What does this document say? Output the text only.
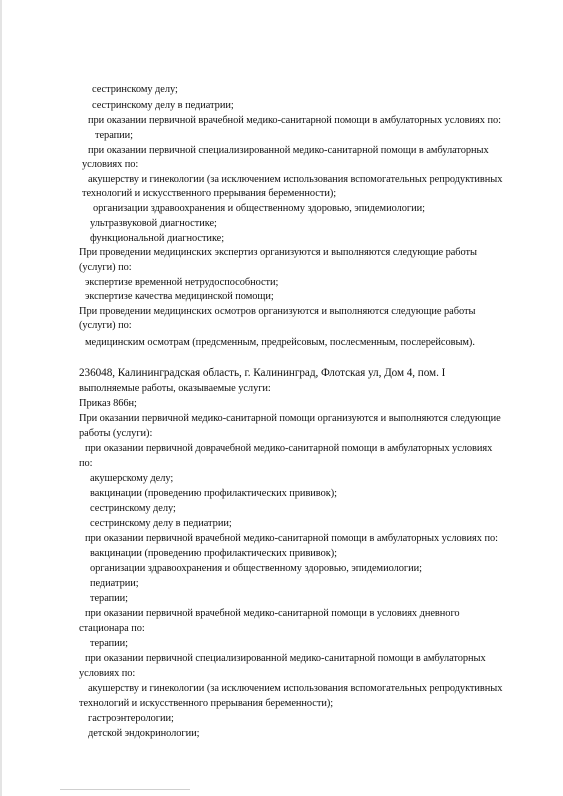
сестринскому делу;
сестринскому делу в педиатрии;
при оказании первичной врачебной медико-санитарной помощи в амбулаторных условиях по:
терапии;
при оказании первичной специализированной медико-санитарной помощи в амбулаторных
условиях по:
акушерству и гинекологии (за исключением использования вспомогательных репродуктивных
технологий и искусственного прерывания беременности);
организации здравоохранения и общественному здоровью, эпидемиологии;
ультразвуковой диагностике;
функциональной диагностике;
При проведении медицинских экспертиз организуются и выполняются следующие работы
(услуги) по:
экспертизе временной нетрудоспособности;
экспертизе качества медицинской помощи;
При проведении медицинских осмотров организуются и выполняются следующие работы
(услуги) по:
медицинским осмотрам (предсменным, предрейсовым, послесменным, послерейсовым).
236048, Калининградская область, г. Калининград, Флотская ул, Дом 4, пом. I
выполняемые работы, оказываемые услуги:
Приказ 866н;
При оказании первичной медико-санитарной помощи организуются и выполняются следующие
работы (услуги):
при оказании первичной доврачебной медико-санитарной помощи в амбулаторных условиях
по:
акушерскому делу;
вакцинации (проведению профилактических прививок);
сестринскому делу;
сестринскому делу в педиатрии;
при оказании первичной врачебной медико-санитарной помощи в амбулаторных условиях по:
вакцинации (проведению профилактических прививок);
организации здравоохранения и общественному здоровью, эпидемиологии;
педиатрии;
терапии;
при оказании первичной врачебной медико-санитарной помощи в условиях дневного
стационара по:
терапии;
при оказании первичной специализированной медико-санитарной помощи в амбулаторных
условиях по:
акушерству и гинекологии (за исключением использования вспомогательных репродуктивных
технологий и искусственного прерывания беременности);
гастроэнтерологии;
детской эндокринологии;
